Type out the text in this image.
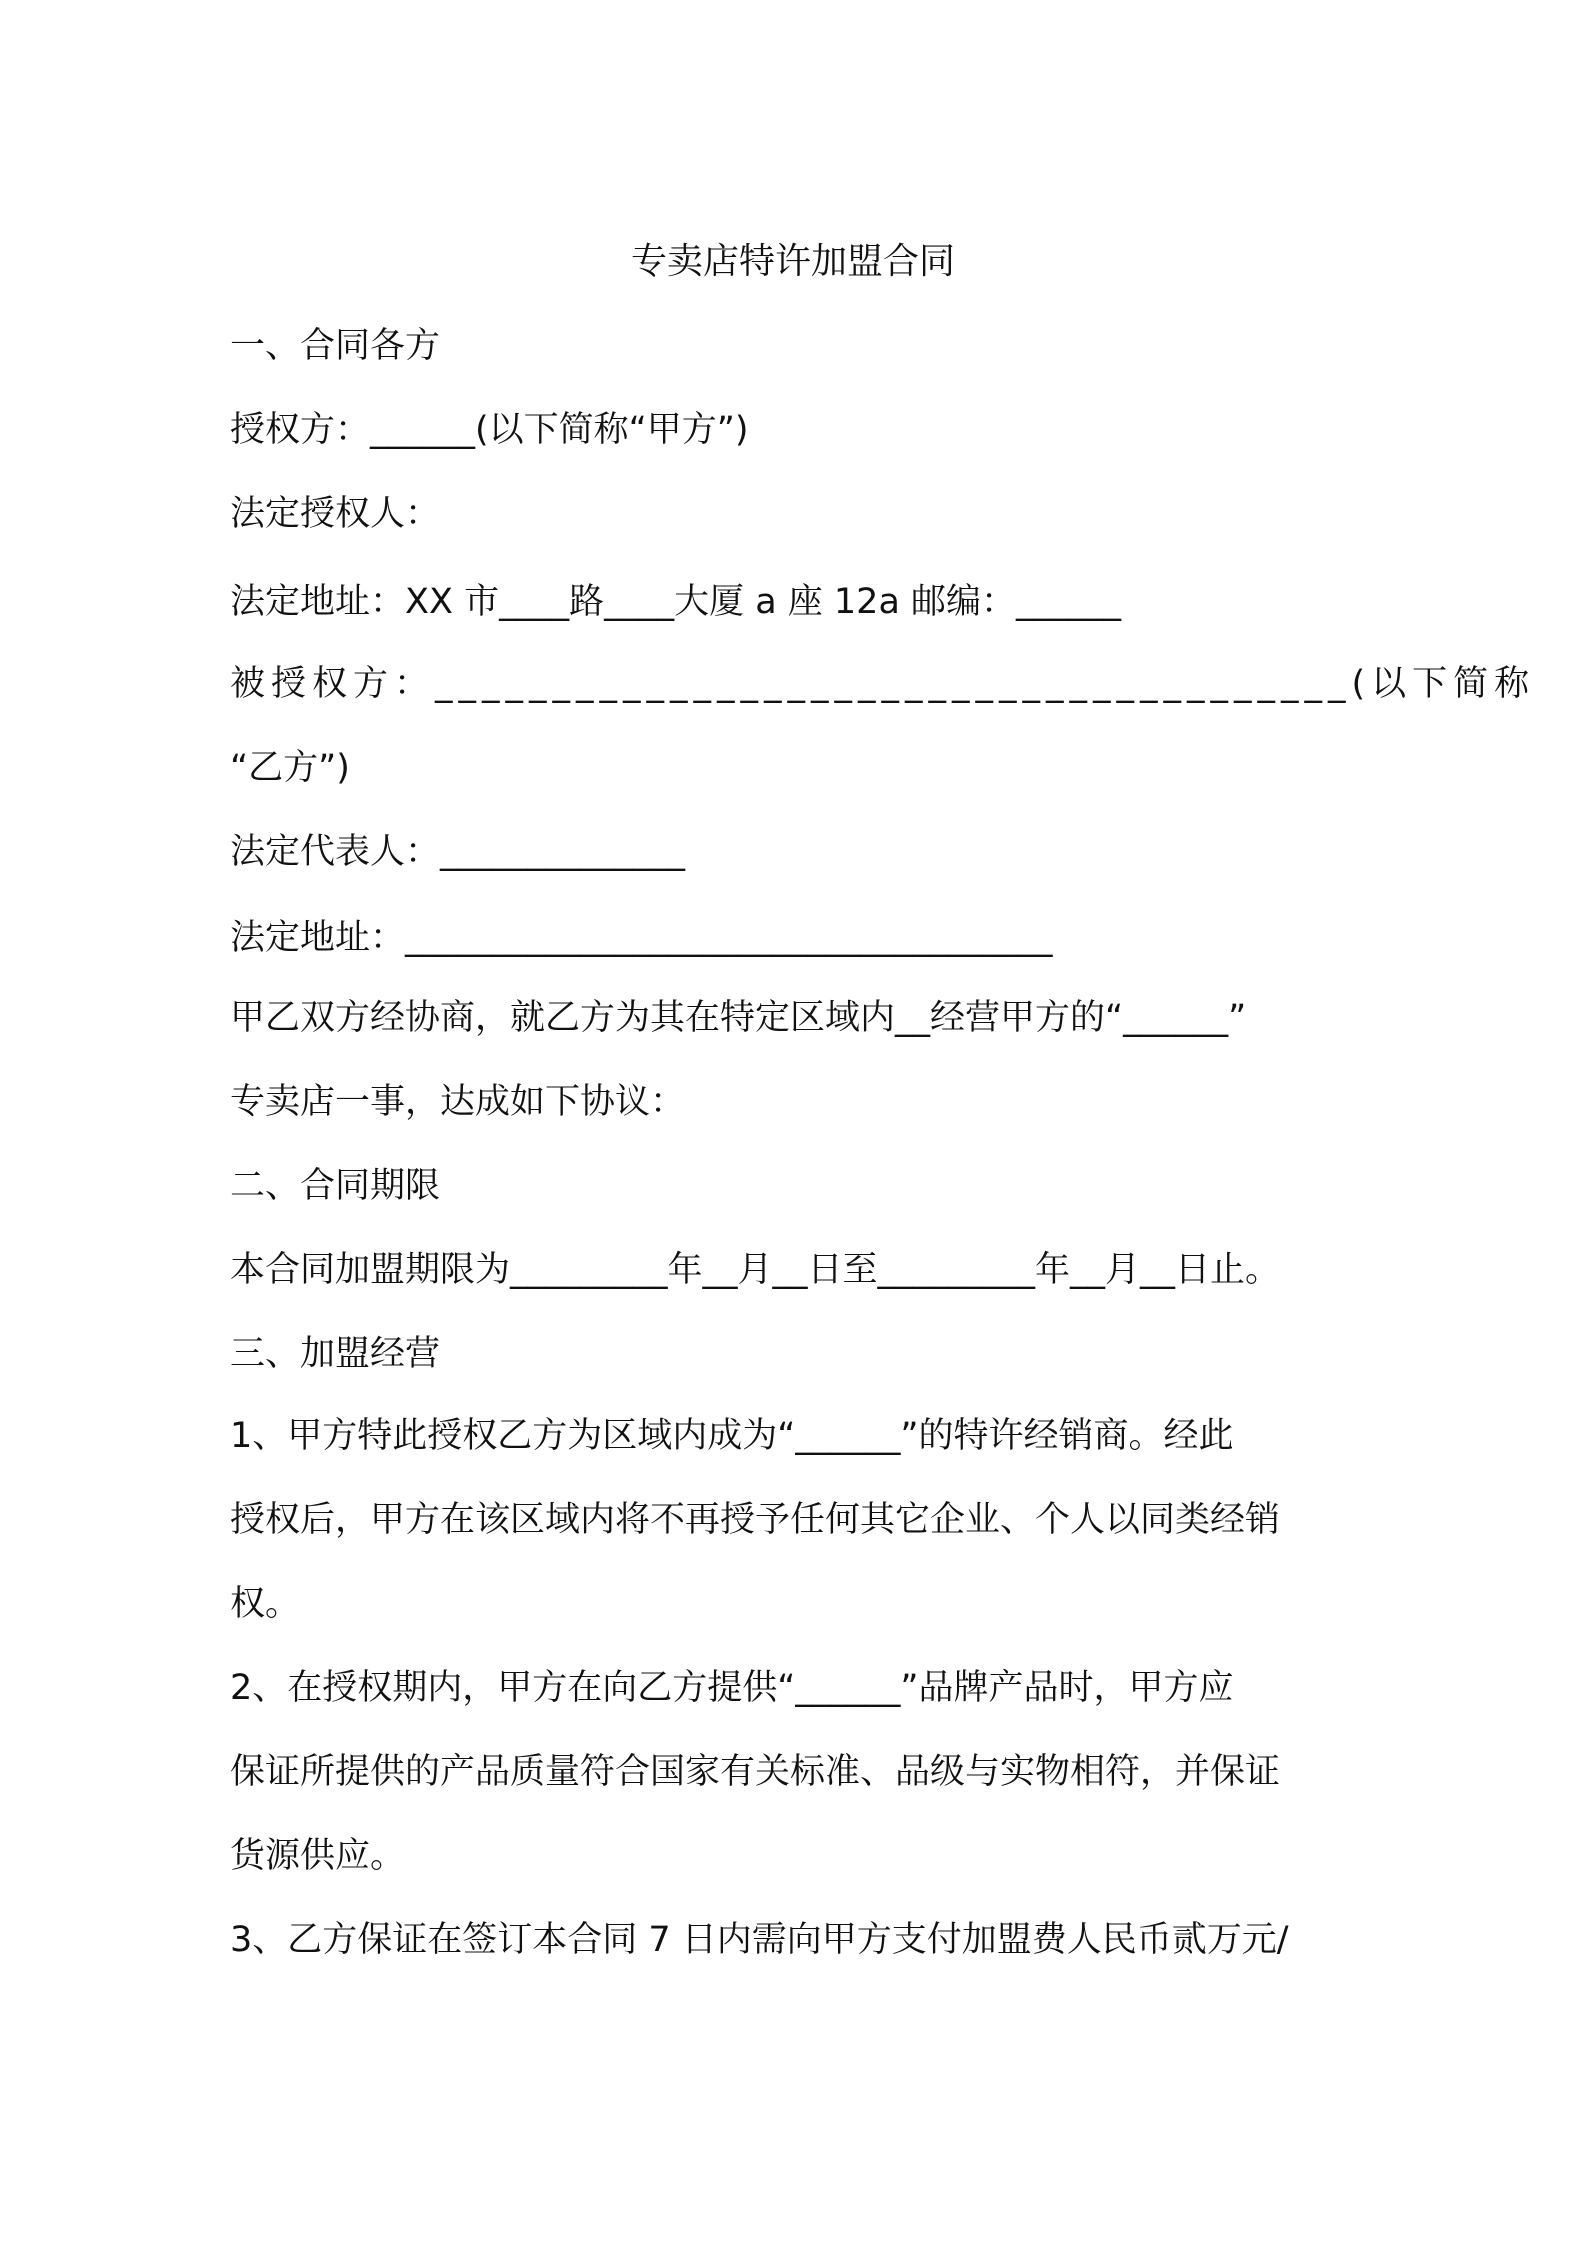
专卖店特许加盟合同
一、合同各方
授权方：______(以下简称“甲方”)
法定授权人：
法定地址：XX 市____路____大厦 a 座 12a 邮编：______
被授权方：_______________________________________(以下简称
“乙方”)
法定代表人：______________
法定地址：_____________________________________
甲乙双方经协商，就乙方为其在特定区域内__经营甲方的“______”
专卖店一事，达成如下协议：
二、合同期限
本合同加盟期限为_________年__月__日至_________年__月__日止。
三、加盟经营
1、甲方特此授权乙方为区域内成为“______”的特许经销商。经此
授权后，甲方在该区域内将不再授予任何其它企业、个人以同类经销
权。
2、在授权期内，甲方在向乙方提供“______”品牌产品时，甲方应
保证所提供的产品质量符合国家有关标准、品级与实物相符，并保证
货源供应。
3、乙方保证在签订本合同 7 日内需向甲方支付加盟费人民币贰万元/
